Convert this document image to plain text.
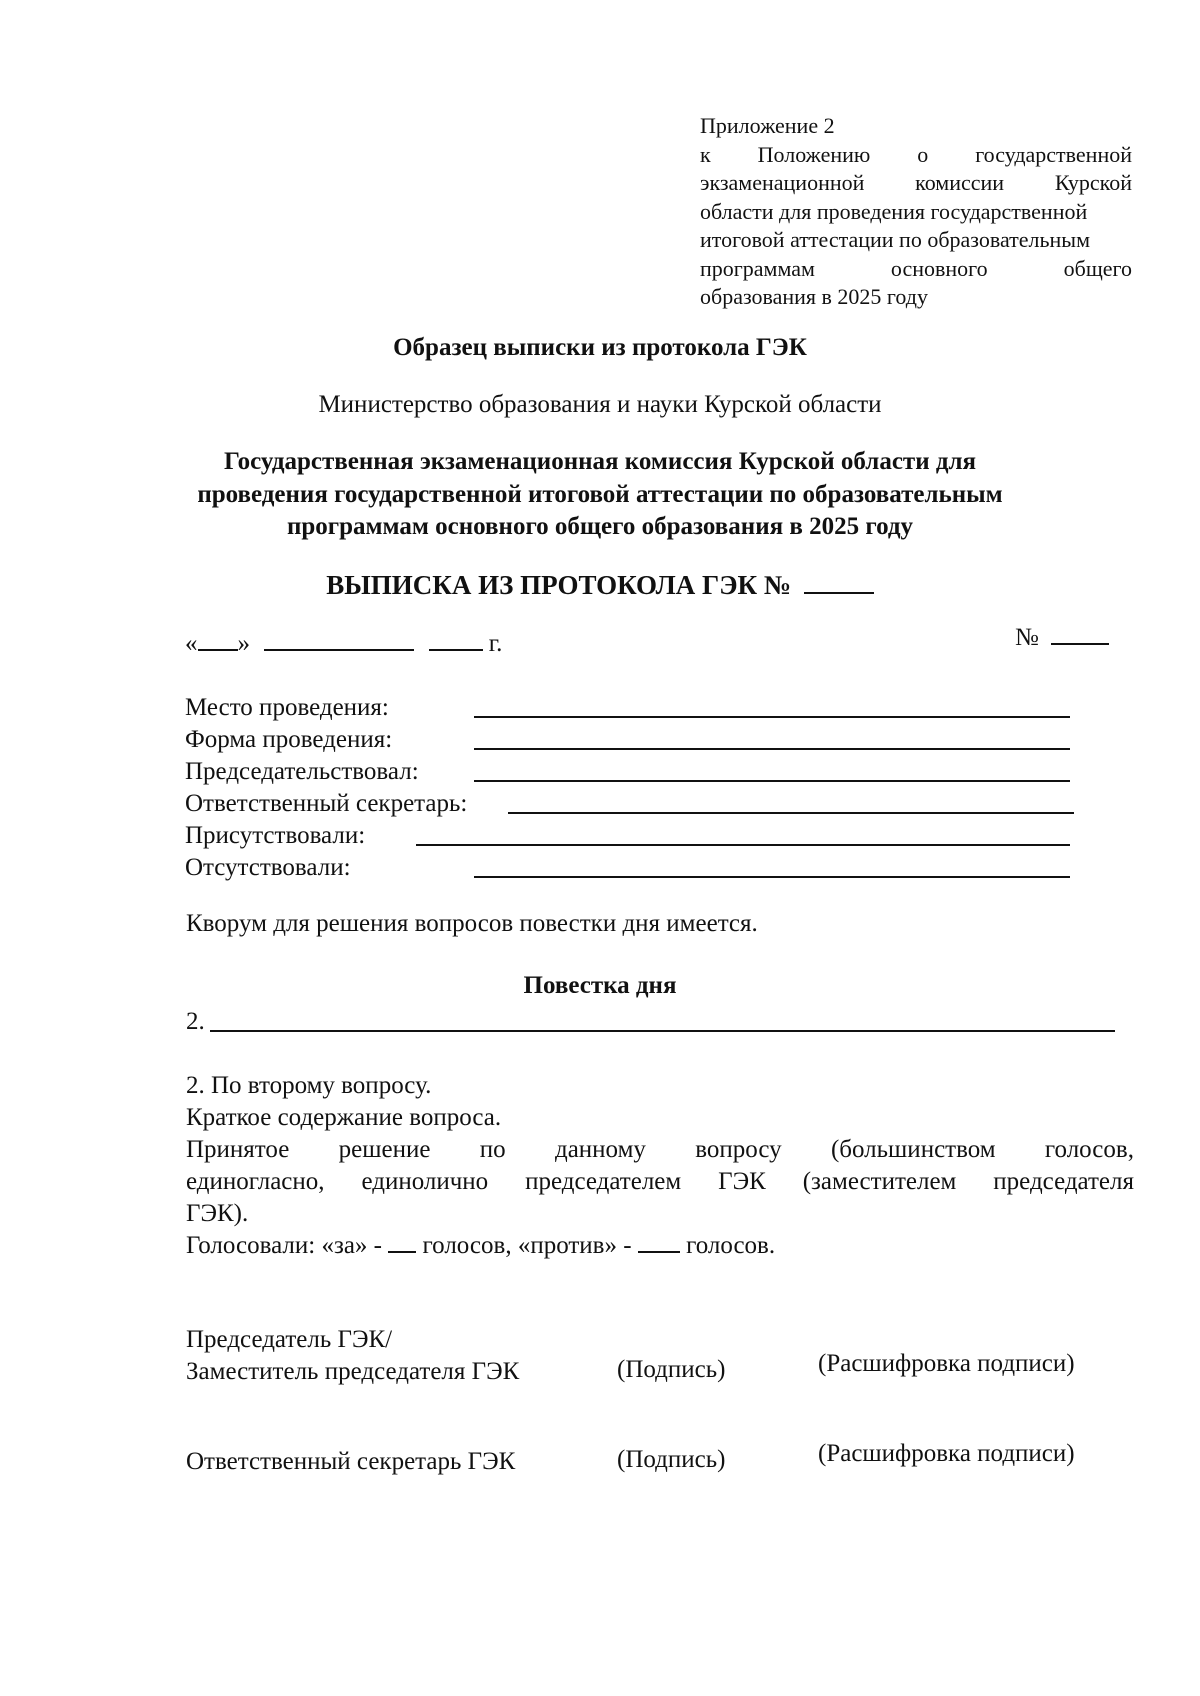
Приложение 2
к Положению о государственной
экзаменационной комиссии Курской
области для проведения государственной
итоговой аттестации по образовательным
программам	основного	общего
образования в 2025 году
Образец выписки из протокола ГЭК
Министерство образования и науки Курской области
Государственная экзаменационная комиссия Курской области для
проведения государственной итоговой аттестации по образовательным
программам основного общего образования в 2025 году
ВЫПИСКА ИЗ ПРОТОКОЛА ГЭК №
« »	г.	№
Место проведения:
Форма проведения:
Председательствовал:
Ответственный секретарь:
Присутствовали:
Отсутствовали:
Кворум для решения вопросов повестки дня имеется.
Повестка дня
2.
2. По второму вопросу.
Краткое содержание вопроса.
Принятое решение по данному вопросу (большинством голосов,
единогласно, единолично председателем ГЭК (заместителем председателя
ГЭК).
Голосовали: «за» -  голосов, «против» -  голосов.
Председатель ГЭК/
Заместитель председателя ГЭК	(Подпись)	(Расшифровка подписи)
Ответственный секретарь ГЭК	(Подпись)	(Расшифровка подписи)
